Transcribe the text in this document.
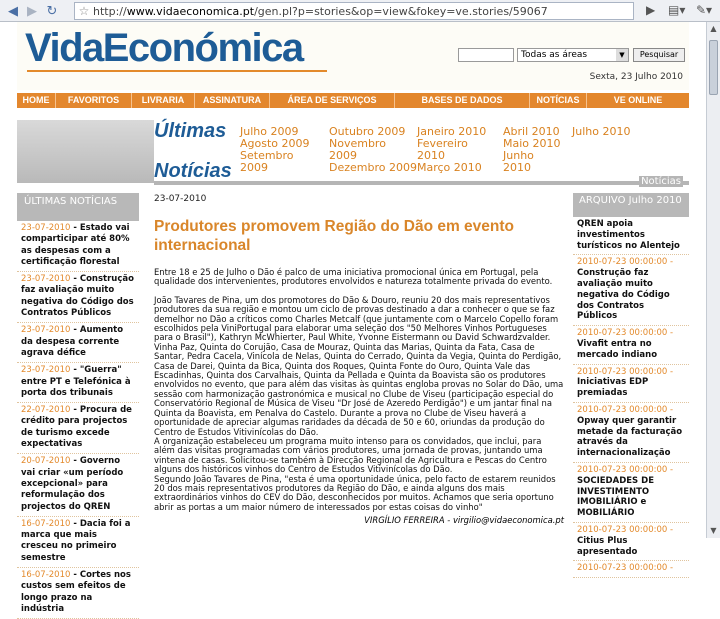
◀ ▶ ↻	☆ http:// www.vidaeconomica.pt /gen.pl?p=stories&op=view&fokey=ve.stories/59067	▶ ▤▾ ✎▾
▲
▼
VidaEconómica	Todas as áreas	▼	Pesquisar
Sexta, 23 Julho 2010
HOME	FAVORITOS	LIVRARIA	ASSINATURA	ÁREA DE SERVIÇOS	BASES DE DADOS	NOTÍCIAS	VE ONLINE
Últimas
Notícias
Julho 2009
Agosto 2009
Setembro 2009
Outubro 2009
Novembro 2009
Dezembro 2009
Janeiro 2010
Fevereiro 2010
Março 2010
Abril 2010
Maio 2010
Junho 2010
Julho 2010
Notícias
ÚLTIMAS NOTÍCIAS
23-07-2010 - Estado vai comparticipar até 80% as despesas com a certificação florestal
23-07-2010 - Construção faz avaliação muito negativa do Código dos Contratos Públicos
23-07-2010 - Aumento da despesa corrente agrava défice
23-07-2010 - "Guerra" entre PT e Telefónica à porta dos tribunais
22-07-2010 - Procura de crédito para projectos de turismo excede expectativas
20-07-2010 - Governo vai criar «um período excepcional» para reformulação dos projectos do QREN
16-07-2010 - Dacia foi a marca que mais cresceu no primeiro semestre
16-07-2010 - Cortes nos custos sem efeitos de longo prazo na indústria
23-07-2010
Produtores promovem Região do Dão em evento internacional
Entre 18 e 25 de Julho o Dão é palco de uma iniciativa promocional única em Portugal, pela qualidade dos intervenientes, produtores envolvidos e natureza totalmente privada do evento.
João Tavares de Pina, um dos promotores do Dão & Douro, reuniu 20 dos mais representativos produtores da sua região e montou um ciclo de provas destinado a dar a conhecer o que se faz demelhor no Dão a críticos como Charles Metcalf (que juntamente com o Marcelo Copello foram escolhidos pela ViniPortugal para elaborar uma seleção dos "50 Melhores Vinhos Portugueses para o Brasil"), Kathryn McWhierter, Paul White, Yvonne Eistermann ou David Schwardzvalder. Vinha Paz, Quinta do Corujão, Casa de Mouraz, Quinta das Marias, Quinta da Fata, Casa de Santar, Pedra Cacela, Vinícola de Nelas, Quinta do Cerrado, Quinta da Vegia, Quinta do Perdigão, Casa de Darei, Quinta da Bica, Quinta dos Roques, Quinta Fonte do Ouro, Quinta Vale das Escadinhas, Quinta dos Carvalhais, Quinta da Pellada e Quinta da Boavista são os produtores envolvidos no evento, que para além das visitas às quintas engloba provas no Solar do Dão, uma sessão com harmonização gastronómica e musical no Clube de Viseu (participação especial do Conservatório Regional de Música de Viseu "Dr José de Azeredo Perdigão") e um jantar final na Quinta da Boavista, em Penalva do Castelo. Durante a prova no Clube de Viseu haverá a oportunidade de apreciar algumas raridades da década de 50 e 60, oriundas da produção do Centro de Estudos Vitivinícolas do Dão.
A organização estabeleceu um programa muito intenso para os convidados, que inclui, para além das visitas programadas com vários produtores, uma jornada de provas, juntando uma vintena de casas. Solicitou-se também à Direcção Regional de Agricultura e Pescas do Centro alguns dos históricos vinhos do Centro de Estudos Vitivinícolas do Dão.
Segundo João Tavares de Pina, "esta é uma oportunidade única, pelo facto de estarem reunidos 20 dos mais representativos produtores da Região do Dão, e ainda alguns dos mais extraordinários vinhos do CEV do Dão, desconhecidos por muitos. Achamos que seria oportuno abrir as portas a um maior número de interessados por estas coisas do vinho"
VIRGÍLIO FERREIRA - virgilio@vidaeconomica.pt
ARQUIVO Julho 2010
QREN apoia investimentos turísticos no Alentejo
2010-07-23 00:00:00 -
Construção faz avaliação muito negativa do Código dos Contratos Públicos
2010-07-23 00:00:00 -
Vivafit entra no mercado indiano
2010-07-23 00:00:00 -
Iniciativas EDP premiadas
2010-07-23 00:00:00 -
Opway quer garantir metade da facturação através da internacionalização
2010-07-23 00:00:00 -
SOCIEDADES DE INVESTIMENTO IMOBILIÁRIO e MOBILIÁRIO
2010-07-23 00:00:00 -
Citius Plus apresentado
2010-07-23 00:00:00 -
